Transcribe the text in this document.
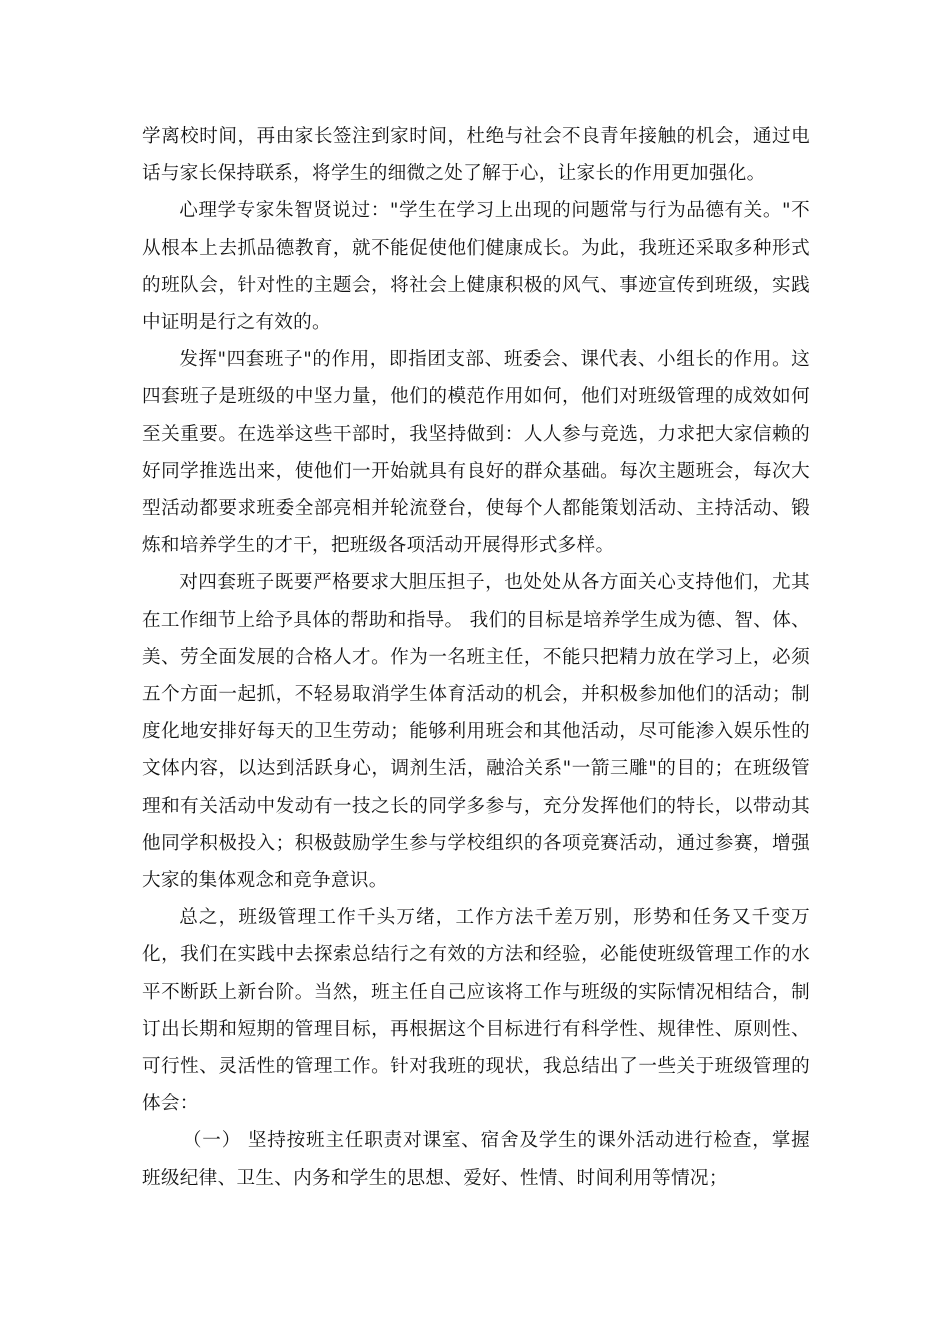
学离校时间，再由家长签注到家时间，杜绝与社会不良青年接触的机会，通过电话与家长保持联系，将学生的细微之处了解于心，让家长的作用更加强化。

心理学专家朱智贤说过："学生在学习上出现的问题常与行为品德有关。"不从根本上去抓品德教育，就不能促使他们健康成长。为此，我班还采取多种形式的班队会，针对性的主题会，将社会上健康积极的风气、事迹宣传到班级，实践中证明是行之有效的。

发挥"四套班子"的作用，即指团支部、班委会、课代表、小组长的作用。这四套班子是班级的中坚力量，他们的模范作用如何，他们对班级管理的成效如何至关重要。在选举这些干部时，我坚持做到：人人参与竞选，力求把大家信赖的好同学推选出来，使他们一开始就具有良好的群众基础。每次主题班会，每次大型活动都要求班委全部亮相并轮流登台，使每个人都能策划活动、主持活动、锻炼和培养学生的才干，把班级各项活动开展得形式多样。

对四套班子既要严格要求大胆压担子，也处处从各方面关心支持他们，尤其在工作细节上给予具体的帮助和指导。 我们的目标是培养学生成为德、智、体、美、劳全面发展的合格人才。作为一名班主任，不能只把精力放在学习上，必须五个方面一起抓，不轻易取消学生体育活动的机会，并积极参加他们的活动；制度化地安排好每天的卫生劳动；能够利用班会和其他活动，尽可能渗入娱乐性的文体内容，以达到活跃身心，调剂生活，融洽关系"一箭三雕"的目的；在班级管理和有关活动中发动有一技之长的同学多参与，充分发挥他们的特长，以带动其他同学积极投入；积极鼓励学生参与学校组织的各项竞赛活动，通过参赛，增强大家的集体观念和竞争意识。

总之，班级管理工作千头万绪，工作方法千差万别，形势和任务又千变万化，我们在实践中去探索总结行之有效的方法和经验，必能使班级管理工作的水平不断跃上新台阶。当然，班主任自己应该将工作与班级的实际情况相结合，制订出长期和短期的管理目标，再根据这个目标进行有科学性、规律性、原则性、可行性、灵活性的管理工作。针对我班的现状，我总结出了一些关于班级管理的体会：

（一） 坚持按班主任职责对课室、宿舍及学生的课外活动进行检查，掌握班级纪律、卫生、内务和学生的思想、爱好、性情、时间利用等情况；
